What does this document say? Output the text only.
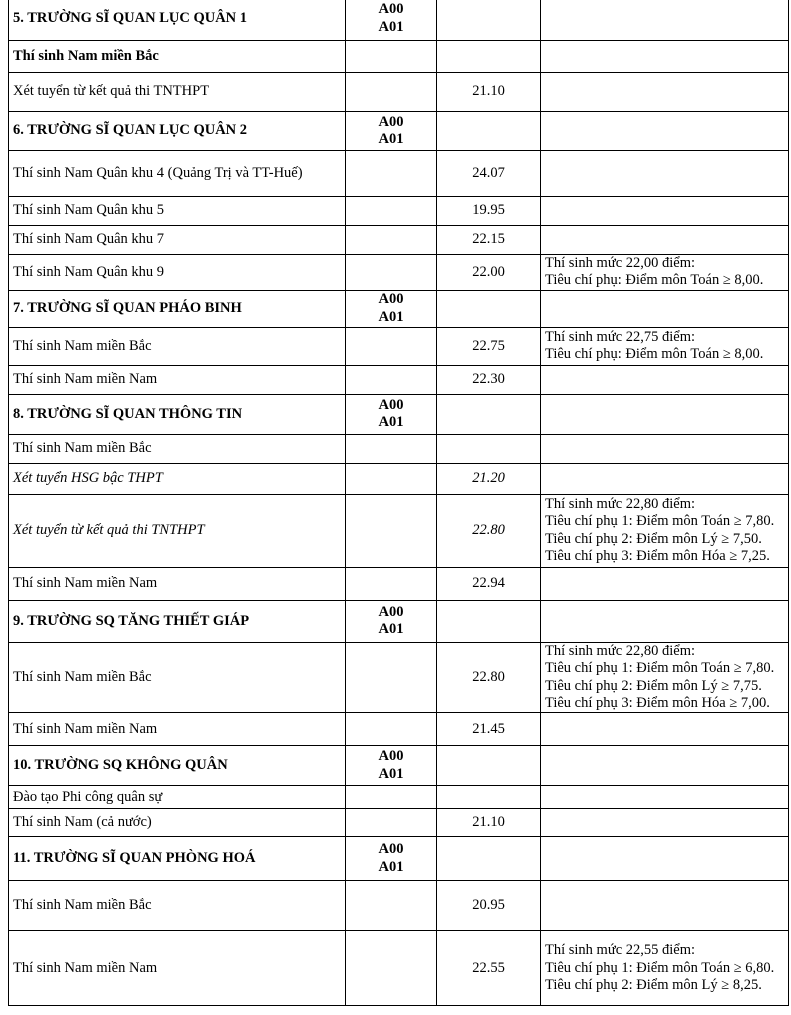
5. TRƯỜNG SĨ QUAN LỤC QUÂN 1	A00
A01		

Thí sinh Nam miền Bắc			
Xét tuyển từ kết quả thi TNTHPT		21.10	
6. TRƯỜNG SĨ QUAN LỤC QUÂN 2	A00
A01		

Thí sinh Nam Quân khu 4 (Quảng Trị và TT-Huế)		24.07	
Thí sinh Nam Quân khu 5		19.95	
Thí sinh Nam Quân khu 7		22.15	
Thí sinh Nam Quân khu 9		22.00	Thí sinh mức 22,00 điểm:
Tiêu chí phụ: Điểm môn Toán ≥ 8,00.

7. TRƯỜNG SĨ QUAN PHÁO BINH	A00
A01		

Thí sinh Nam miền Bắc		22.75	Thí sinh mức 22,75 điểm:
Tiêu chí phụ: Điểm môn Toán ≥ 8,00.

Thí sinh Nam miền Nam		22.30	
8. TRƯỜNG SĨ QUAN THÔNG TIN	A00
A01		

Thí sinh Nam miền Bắc			
Xét tuyển HSG bậc THPT		21.20	
Xét tuyển từ kết quả thi TNTHPT		22.80	Thí sinh mức 22,80 điểm:
Tiêu chí phụ 1: Điểm môn Toán ≥ 7,80.
Tiêu chí phụ 2: Điểm môn Lý ≥ 7,50.
Tiêu chí phụ 3: Điểm môn Hóa ≥ 7,25.

Thí sinh Nam miền Nam		22.94	
9. TRƯỜNG SQ TĂNG THIẾT GIÁP	A00
A01		

Thí sinh Nam miền Bắc		22.80	Thí sinh mức 22,80 điểm:
Tiêu chí phụ 1: Điểm môn Toán ≥ 7,80.
Tiêu chí phụ 2: Điểm môn Lý ≥ 7,75.
Tiêu chí phụ 3: Điểm môn Hóa ≥ 7,00.

Thí sinh Nam miền Nam		21.45	
10. TRƯỜNG SQ KHÔNG QUÂN	A00
A01		

Đào tạo Phi công quân sự			
Thí sinh Nam (cả nước)		21.10	
11. TRƯỜNG SĨ QUAN PHÒNG HOÁ	A00
A01		

Thí sinh Nam miền Bắc		20.95	
Thí sinh Nam miền Nam		22.55	Thí sinh mức 22,55 điểm:
Tiêu chí phụ 1: Điểm môn Toán ≥ 6,80.
Tiêu chí phụ 2: Điểm môn Lý ≥ 8,25.
